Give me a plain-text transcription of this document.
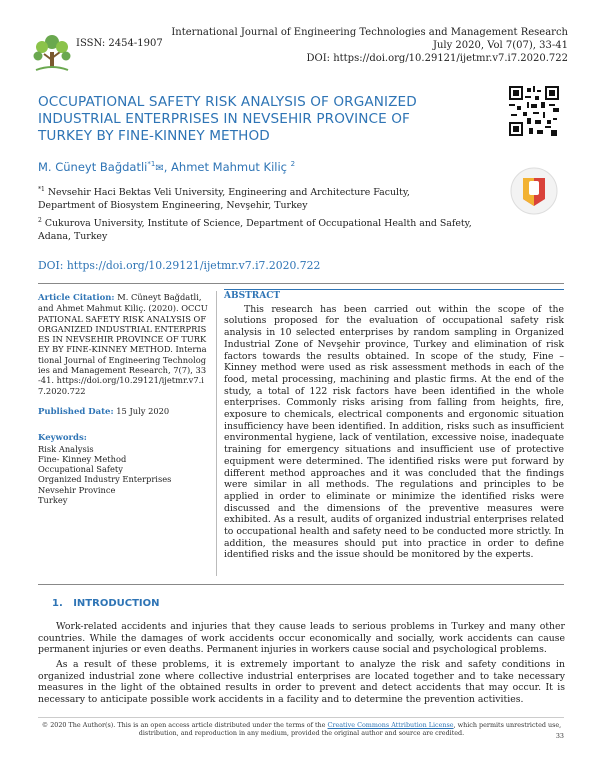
ISSN: 2454-1907
International Journal of Engineering Technologies and Management Research
July 2020, Vol 7(07), 33-41
DOI: https://doi.org/10.29121/ijetmr.v7.i7.2020.722
OCCUPATIONAL SAFETY RISK ANALYSIS OF ORGANIZED INDUSTRIAL ENTERPRISES IN NEVSEHIR PROVINCE OF TURKEY BY FINE-KINNEY METHOD
M. Cüneyt Bağdatli$^{*1}$✉, Ahmet Mahmut Kiliç $^2$
$^{*1}$ Nevsehir Haci Bektas Veli University, Engineering and Architecture Faculty, Department of Biosystem Engineering, Nevşehir, Turkey
$^2$ Cukurova University, Institute of Science, Department of Occupational Health and Safety, Adana, Turkey
DOI: https://doi.org/10.29121/ijetmr.v7.i7.2020.722
Article Citation: M. Cüneyt Bağdatli, and Ahmet Mahmut Kiliç. (2020). OCCUPATIONAL SAFETY RISK ANALYSIS OF ORGANIZED INDUSTRIAL ENTERPRISES IN NEVSEHIR PROVINCE OF TURKEY BY FINE-KINNEY METHOD. International Journal of Engineering Technologies and Management Research, 7(7), 33-41. https://doi.org/10.29121/ijetmr.v7.i7.2020.722
Published Date: 15 July 2020
Keywords:
Risk Analysis
Fine- Kinney Method
Occupational Safety
Organized Industry Enterprises
Nevsehir Province
Turkey
ABSTRACT
This research has been carried out within the scope of the solutions proposed for the evaluation of occupational safety risk analysis in 10 selected enterprises by random sampling in Organized Industrial Zone of Nevşehir province, Turkey and elimination of risk factors towards the results obtained. In scope of the study, Fine – Kinney method were used as risk assessment methods in each of the food, metal processing, machining and plastic firms. At the end of the study, a total of 122 risk factors have been identified in the whole enterprises. Commonly risks arising from falling from heights, fire, exposure to chemicals, electrical components and ergonomic situation insufficiency have been identified. In addition, risks such as insufficient environmental hygiene, lack of ventilation, excessive noise, inadequate training for emergency situations and insufficient use of protective equipment were determined. The identified risks were put forward by different method approaches and it was concluded that the findings were similar in all methods. The regulations and principles to be applied in order to eliminate or minimize the identified risks were discussed and the dimensions of the preventive measures were exhibited. As a result, audits of organized industrial enterprises related to occupational health and safety need to be conducted more strictly. In addition, the measures should put into practice in order to define identified risks and the issue should be monitored by the experts.
1.   INTRODUCTION
Work-related accidents and injuries that they cause leads to serious problems in Turkey and many other countries. While the damages of work accidents occur economically and socially, work accidents can cause permanent injuries or even deaths. Permanent injuries in workers cause social and psychological problems.
As a result of these problems, it is extremely important to analyze the risk and safety conditions in organized industrial zone where collective industrial enterprises are located together and to take necessary measures in the light of the obtained results in order to prevent and detect accidents that may occur. It is necessary to anticipate possible work accidents in a facility and to determine the prevention activities.
© 2020 The Author(s). This is an open access article distributed under the terms of the Creative Commons Attribution License, which permits unrestricted use, distribution, and reproduction in any medium, provided the original author and source are credited.	33
